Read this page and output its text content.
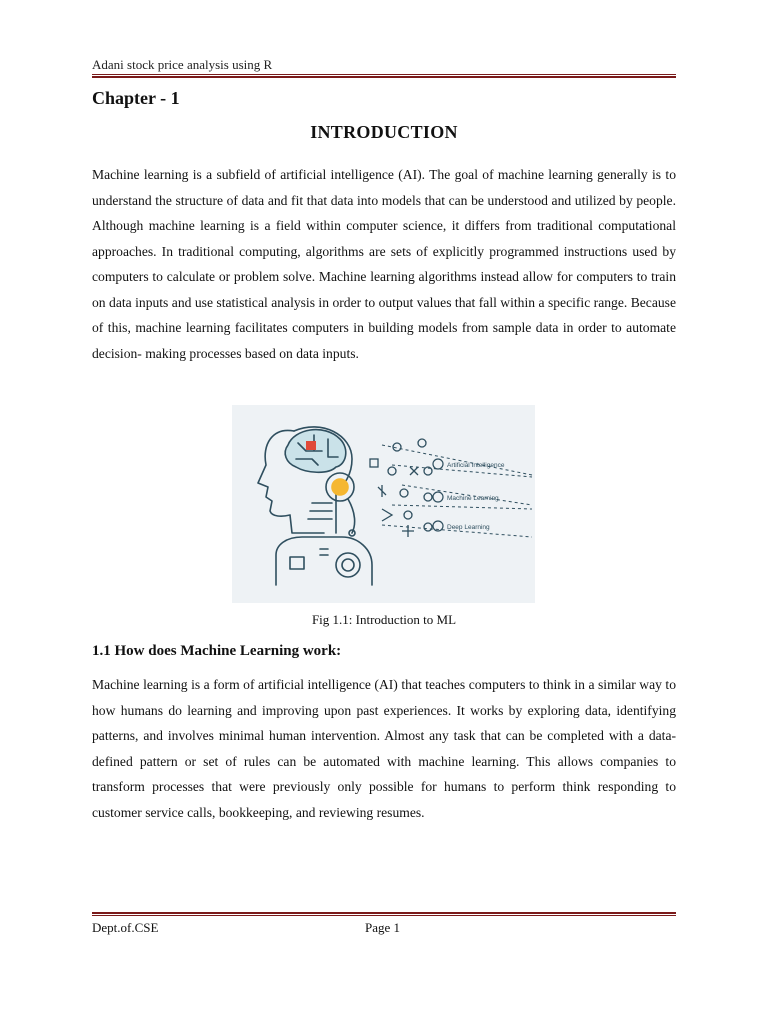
Adani stock price analysis using R
Chapter - 1
INTRODUCTION

Machine learning is a subfield of artificial intelligence (AI). The goal of machine learning generally is to understand the structure of data and fit that data into models that can be understood and utilized by people. Although machine learning is a field within computer science, it differs from traditional computational approaches. In traditional computing, algorithms are sets of explicitly programmed instructions used by computers to calculate or problem solve. Machine learning algorithms instead allow for computers to train on data inputs and use statistical analysis in order to output values that fall within a specific range. Because of this, machine learning facilitates computers in building models from sample data in order to automate decision- making processes based on data inputs.

Artificial Intelligence
Machine Learning
Deep Learning
Fig 1.1: Introduction to ML
1.1 How does Machine Learning work:

Machine learning is a form of artificial intelligence (AI) that teaches computers to think in a similar way to how humans do learning and improving upon past experiences. It works by exploring data, identifying patterns, and involves minimal human intervention. Almost any task that can be completed with a data- defined pattern or set of rules can be automated with machine learning. This allows companies to transform processes that were previously only possible for humans to perform think responding to customer service calls, bookkeeping, and reviewing resumes.

Dept.of.CSE	Page 1
